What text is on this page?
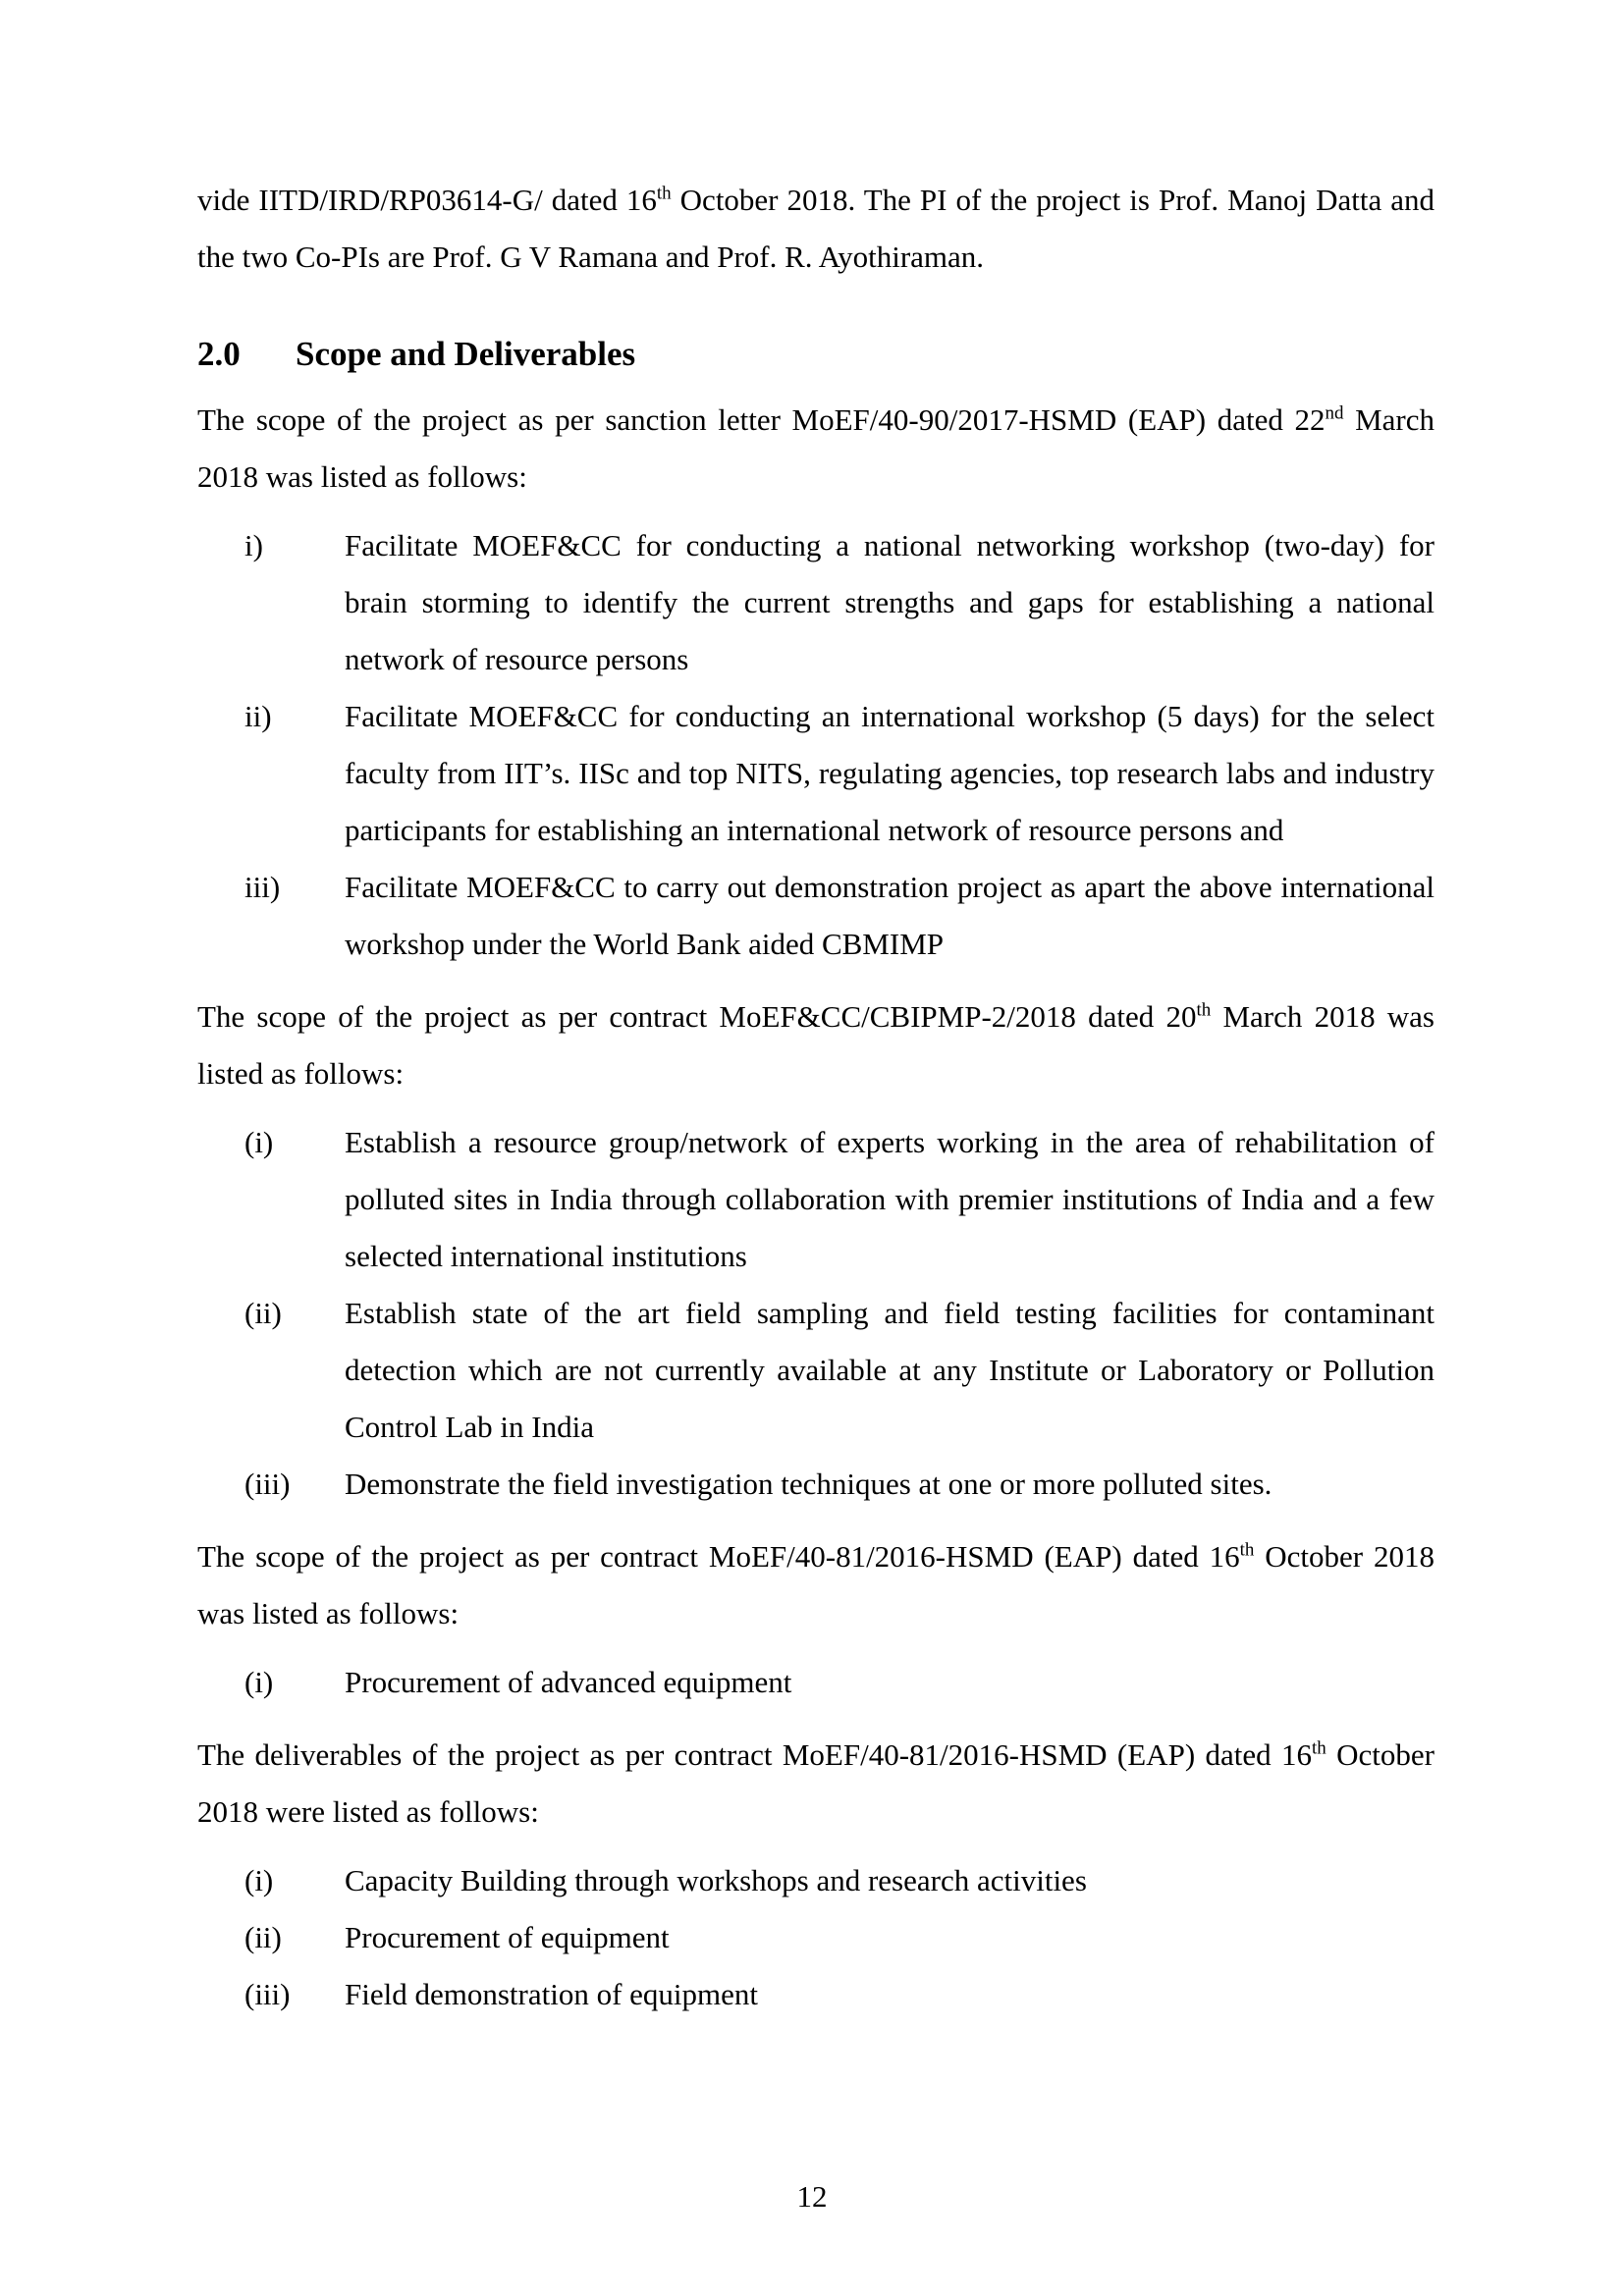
vide IITD/IRD/RP03614-G/ dated 16th October 2018. The PI of the project is Prof. Manoj Datta and the two Co-PIs are Prof. G V Ramana and Prof. R. Ayothiraman.

2.0	Scope and Deliverables

The scope of the project as per sanction letter MoEF/40-90/2017-HSMD (EAP) dated 22nd March 2018 was listed as follows:

i)	Facilitate MOEF&CC for conducting a national networking workshop (two-day) for brain storming to identify the current strengths and gaps for establishing a national network of resource persons
ii)	Facilitate MOEF&CC for conducting an international workshop (5 days) for the select faculty from IIT’s. IISc and top NITS, regulating agencies, top research labs and industry participants for establishing an international network of resource persons and
iii)	Facilitate MOEF&CC to carry out demonstration project as apart the above international workshop under the World Bank aided CBMIMP

The scope of the project as per contract MoEF&CC/CBIPMP-2/2018 dated 20th March 2018 was listed as follows:

(i)	Establish a resource group/network of experts working in the area of rehabilitation of polluted sites in India through collaboration with premier institutions of India and a few selected international institutions
(ii)	Establish state of the art field sampling and field testing facilities for contaminant detection which are not currently available at any Institute or Laboratory or Pollution Control Lab in India
(iii)	Demonstrate the field investigation techniques at one or more polluted sites.

The scope of the project as per contract MoEF/40-81/2016-HSMD (EAP) dated 16th October 2018 was listed as follows:

(i)	Procurement of advanced equipment

The deliverables of the project as per contract MoEF/40-81/2016-HSMD (EAP) dated 16th October 2018 were listed as follows:

(i)	Capacity Building through workshops and research activities
(ii)	Procurement of equipment
(iii)	Field demonstration of equipment
12
